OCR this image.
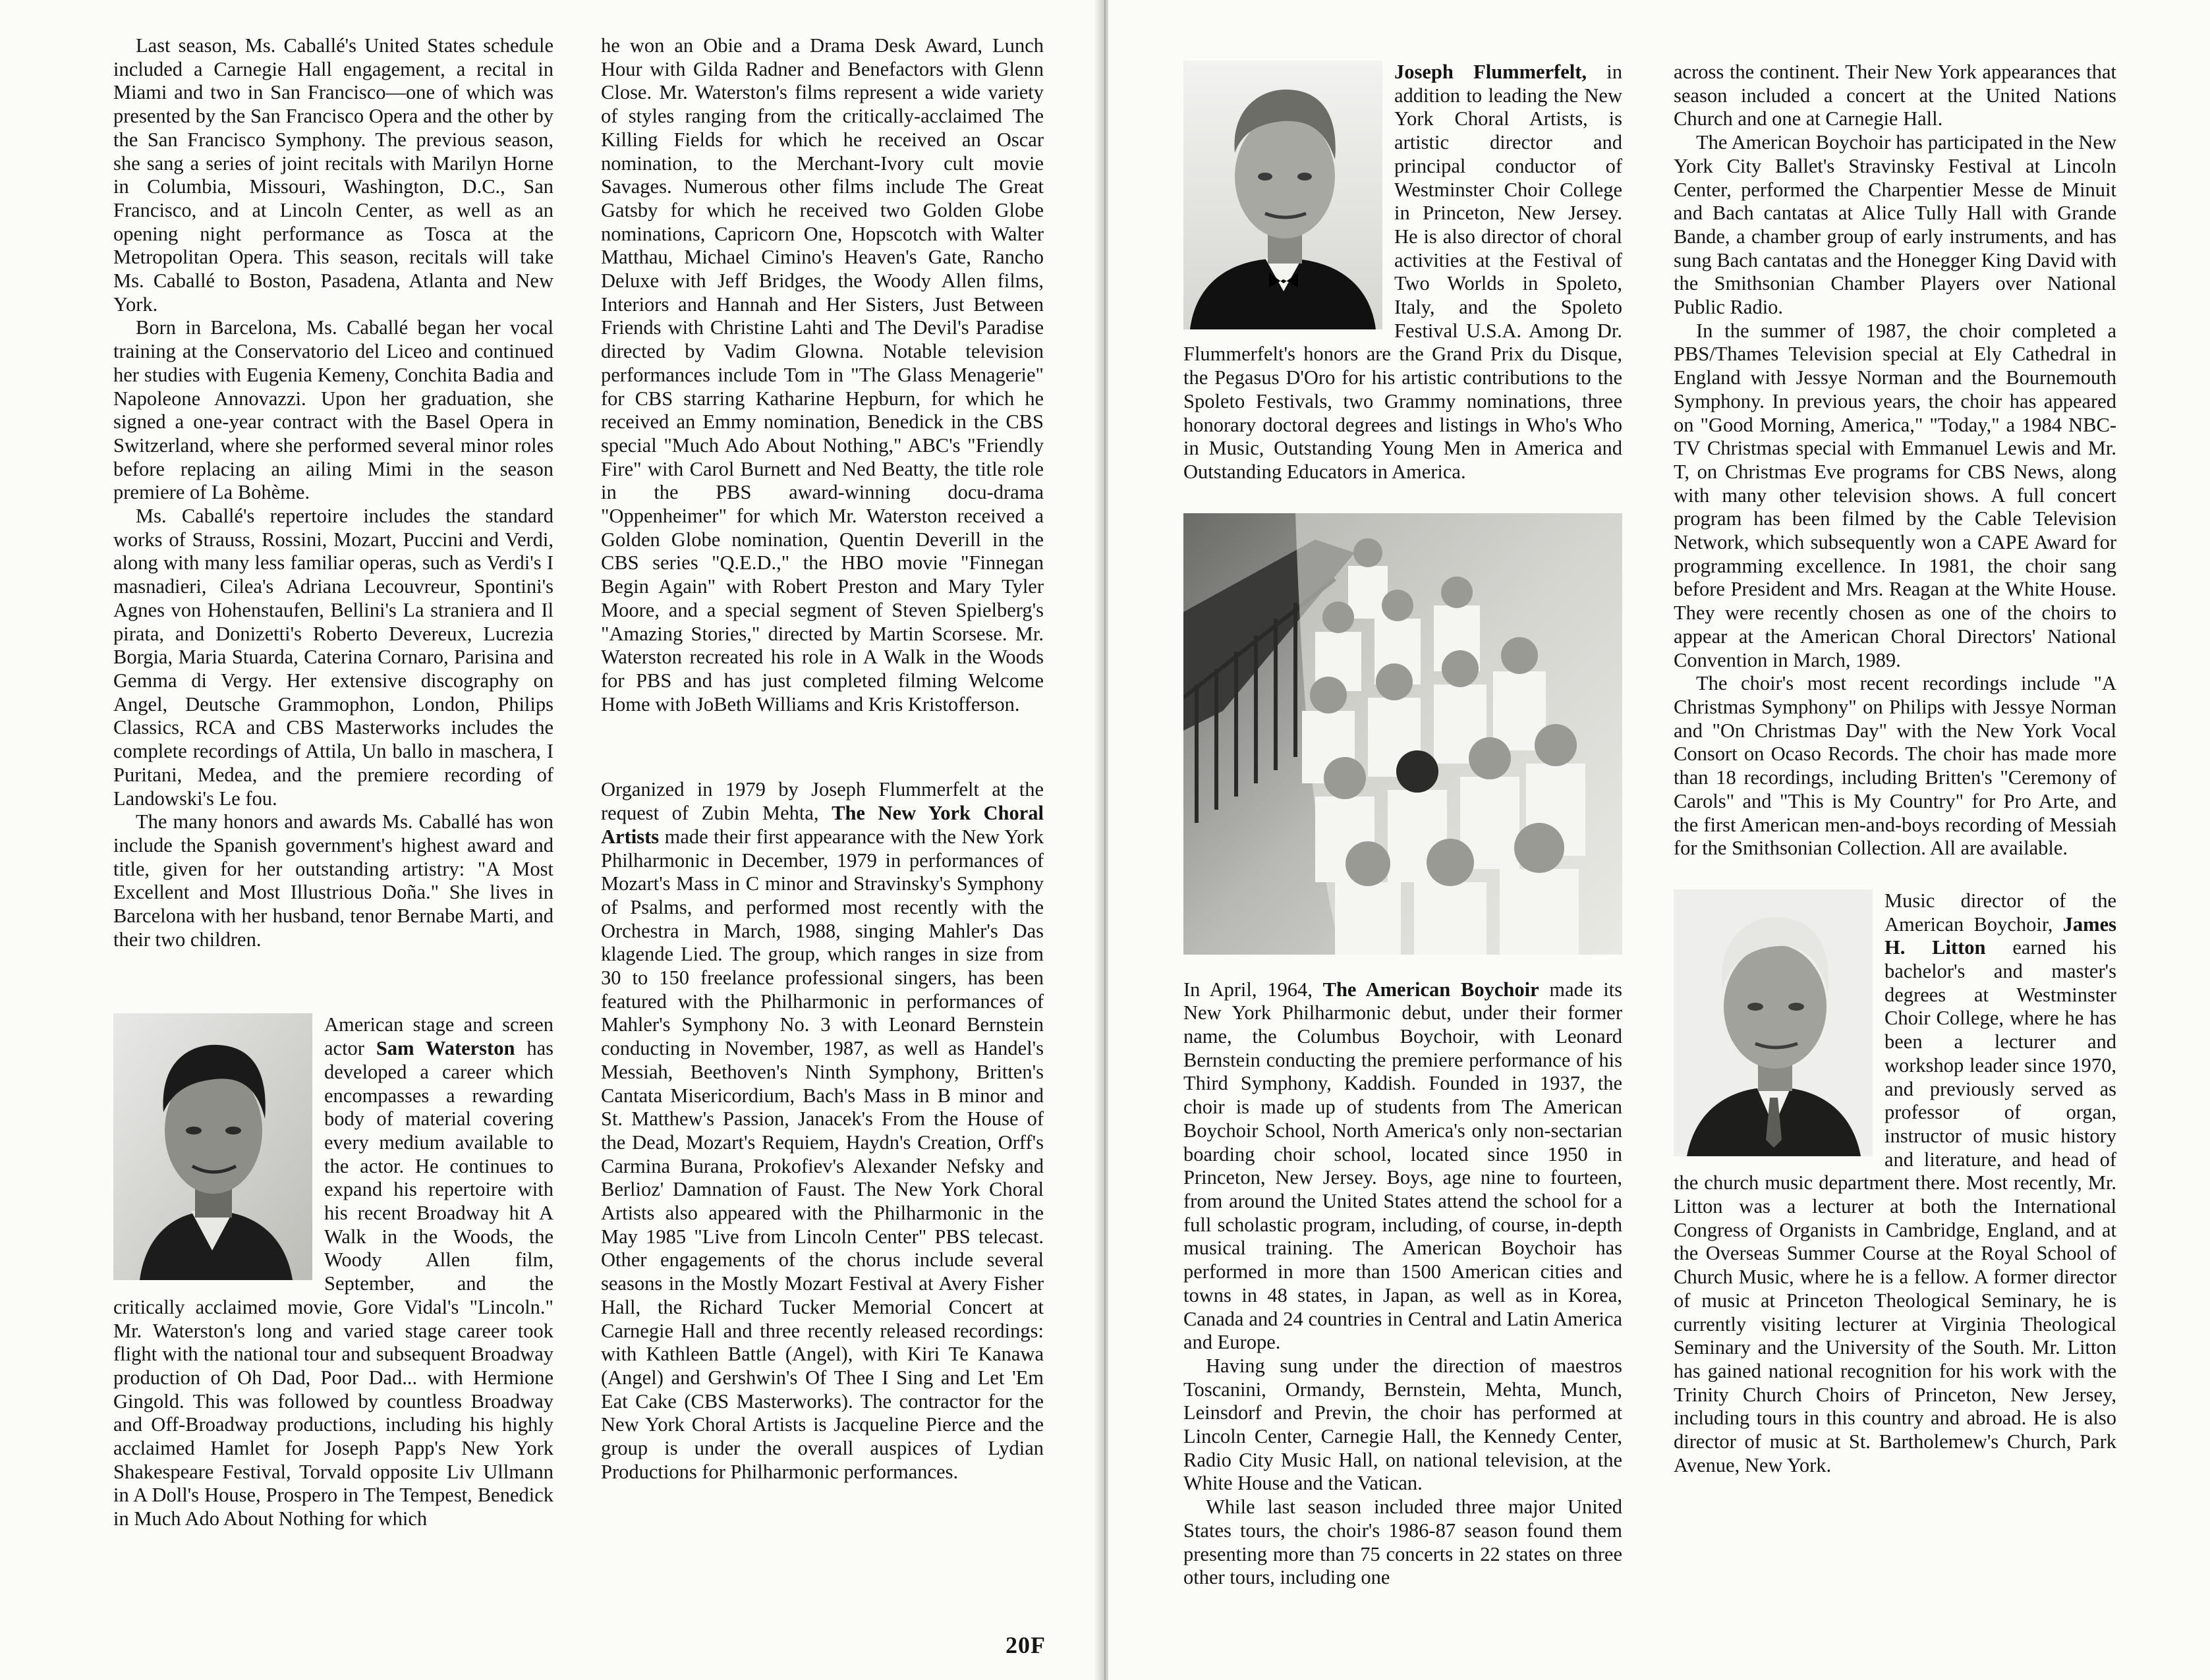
Last season, Ms. Caballé's United States schedule included a Carnegie Hall engagement, a recital in Miami and two in San Francisco—one of which was presented by the San Francisco Opera and the other by the San Francisco Symphony. The previous season, she sang a series of joint recitals with Marilyn Horne in Columbia, Missouri, Washington, D.C., San Francisco, and at Lincoln Center, as well as an opening night performance as Tosca at the Metropolitan Opera. This season, recitals will take Ms. Caballé to Boston, Pasadena, Atlanta and New York.

Born in Barcelona, Ms. Caballé began her vocal training at the Conservatorio del Liceo and continued her studies with Eugenia Kemeny, Conchita Badia and Napoleone Annovazzi. Upon her graduation, she signed a one-year contract with the Basel Opera in Switzerland, where she performed several minor roles before replacing an ailing Mimi in the season premiere of La Bohème.

Ms. Caballé's repertoire includes the standard works of Strauss, Rossini, Mozart, Puccini and Verdi, along with many less familiar operas, such as Verdi's I masnadieri, Cilea's Adriana Lecouvreur, Spontini's Agnes von Hohenstaufen, Bellini's La straniera and Il pirata, and Donizetti's Roberto Devereux, Lucrezia Borgia, Maria Stuarda, Caterina Cornaro, Parisina and Gemma di Vergy. Her extensive discography on Angel, Deutsche Grammophon, London, Philips Classics, RCA and CBS Masterworks includes the complete recordings of Attila, Un ballo in maschera, I Puritani, Medea, and the premiere recording of Landowski's Le fou.

The many honors and awards Ms. Caballé has won include the Spanish government's highest award and title, given for her outstanding artistry: "A Most Excellent and Most Illustrious Doña." She lives in Barcelona with her husband, tenor Bernabe Marti, and their two children.

American stage and screen actor Sam Waterston has developed a career which encompasses a rewarding body of material covering every medium available to the actor. He continues to expand his repertoire with his recent Broadway hit A Walk in the Woods, the Woody Allen film, September, and the critically acclaimed movie, Gore Vidal's "Lincoln." Mr. Waterston's long and varied stage career took flight with the national tour and subsequent Broadway production of Oh Dad, Poor Dad... with Hermione Gingold. This was followed by countless Broadway and Off-Broadway productions, including his highly acclaimed Hamlet for Joseph Papp's New York Shakespeare Festival, Torvald opposite Liv Ullmann in A Doll's House, Prospero in The Tempest, Benedick in Much Ado About Nothing for which

he won an Obie and a Drama Desk Award, Lunch Hour with Gilda Radner and Benefactors with Glenn Close. Mr. Waterston's films represent a wide variety of styles ranging from the critically-acclaimed The Killing Fields for which he received an Oscar nomination, to the Merchant-Ivory cult movie Savages. Numerous other films include The Great Gatsby for which he received two Golden Globe nominations, Capricorn One, Hopscotch with Walter Matthau, Michael Cimino's Heaven's Gate, Rancho Deluxe with Jeff Bridges, the Woody Allen films, Interiors and Hannah and Her Sisters, Just Between Friends with Christine Lahti and The Devil's Paradise directed by Vadim Glowna. Notable television performances include Tom in "The Glass Menagerie" for CBS starring Katharine Hepburn, for which he received an Emmy nomination, Benedick in the CBS special "Much Ado About Nothing," ABC's "Friendly Fire" with Carol Burnett and Ned Beatty, the title role in the PBS award-winning docu-drama "Oppenheimer" for which Mr. Waterston received a Golden Globe nomination, Quentin Deverill in the CBS series "Q.E.D.," the HBO movie "Finnegan Begin Again" with Robert Preston and Mary Tyler Moore, and a special segment of Steven Spielberg's "Amazing Stories," directed by Martin Scorsese. Mr. Waterston recreated his role in A Walk in the Woods for PBS and has just completed filming Welcome Home with JoBeth Williams and Kris Kristofferson.

Organized in 1979 by Joseph Flummerfelt at the request of Zubin Mehta, The New York Choral Artists made their first appearance with the New York Philharmonic in December, 1979 in performances of Mozart's Mass in C minor and Stravinsky's Symphony of Psalms, and performed most recently with the Orchestra in March, 1988, singing Mahler's Das klagende Lied. The group, which ranges in size from 30 to 150 freelance professional singers, has been featured with the Philharmonic in performances of Mahler's Symphony No. 3 with Leonard Bernstein conducting in November, 1987, as well as Handel's Messiah, Beethoven's Ninth Symphony, Britten's Cantata Misericordium, Bach's Mass in B minor and St. Matthew's Passion, Janacek's From the House of the Dead, Mozart's Requiem, Haydn's Creation, Orff's Carmina Burana, Prokofiev's Alexander Nefsky and Berlioz' Damnation of Faust. The New York Choral Artists also appeared with the Philharmonic in the May 1985 "Live from Lincoln Center" PBS telecast. Other engagements of the chorus include several seasons in the Mostly Mozart Festival at Avery Fisher Hall, the Richard Tucker Memorial Concert at Carnegie Hall and three recently released recordings: with Kathleen Battle (Angel), with Kiri Te Kanawa (Angel) and Gershwin's Of Thee I Sing and Let 'Em Eat Cake (CBS Masterworks). The contractor for the New York Choral Artists is Jacqueline Pierce and the group is under the overall auspices of Lydian Productions for Philharmonic performances.

20F

Joseph Flummerfelt, in addition to leading the New York Choral Artists, is artistic director and principal conductor of Westminster Choir College in Princeton, New Jersey. He is also director of choral activities at the Festival of Two Worlds in Spoleto, Italy, and the Spoleto Festival U.S.A. Among Dr. Flummerfelt's honors are the Grand Prix du Disque, the Pegasus D'Oro for his artistic contributions to the Spoleto Festivals, two Grammy nominations, three honorary doctoral degrees and listings in Who's Who in Music, Outstanding Young Men in America and Outstanding Educators in America.

In April, 1964, The American Boychoir made its New York Philharmonic debut, under their former name, the Columbus Boychoir, with Leonard Bernstein conducting the premiere performance of his Third Symphony, Kaddish. Founded in 1937, the choir is made up of students from The American Boychoir School, North America's only non-sectarian boarding choir school, located since 1950 in Princeton, New Jersey. Boys, age nine to fourteen, from around the United States attend the school for a full scholastic program, including, of course, in-depth musical training. The American Boychoir has performed in more than 1500 American cities and towns in 48 states, in Japan, as well as in Korea, Canada and 24 countries in Central and Latin America and Europe.

Having sung under the direction of maestros Toscanini, Ormandy, Bernstein, Mehta, Munch, Leinsdorf and Previn, the choir has performed at Lincoln Center, Carnegie Hall, the Kennedy Center, Radio City Music Hall, on national television, at the White House and the Vatican.

While last season included three major United States tours, the choir's 1986-87 season found them presenting more than 75 concerts in 22 states on three other tours, including one

across the continent. Their New York appearances that season included a concert at the United Nations Church and one at Carnegie Hall.

The American Boychoir has participated in the New York City Ballet's Stravinsky Festival at Lincoln Center, performed the Charpentier Messe de Minuit and Bach cantatas at Alice Tully Hall with Grande Bande, a chamber group of early instruments, and has sung Bach cantatas and the Honegger King David with the Smithsonian Chamber Players over National Public Radio.

In the summer of 1987, the choir completed a PBS/Thames Television special at Ely Cathedral in England with Jessye Norman and the Bournemouth Symphony. In previous years, the choir has appeared on "Good Morning, America," "Today," a 1984 NBC-TV Christmas special with Emmanuel Lewis and Mr. T, on Christmas Eve programs for CBS News, along with many other television shows. A full concert program has been filmed by the Cable Television Network, which subsequently won a CAPE Award for programming excellence. In 1981, the choir sang before President and Mrs. Reagan at the White House. They were recently chosen as one of the choirs to appear at the American Choral Directors' National Convention in March, 1989.

The choir's most recent recordings include "A Christmas Symphony" on Philips with Jessye Norman and "On Christmas Day" with the New York Vocal Consort on Ocaso Records. The choir has made more than 18 recordings, including Britten's "Ceremony of Carols" and "This is My Country" for Pro Arte, and the first American men-and-boys recording of Messiah for the Smithsonian Collection. All are available.

Music director of the American Boychoir, James H. Litton earned his bachelor's and master's degrees at Westminster Choir College, where he has been a lecturer and workshop leader since 1970, and previously served as professor of organ, instructor of music history and literature, and head of the church music department there. Most recently, Mr. Litton was a lecturer at both the International Congress of Organists in Cambridge, England, and at the Overseas Summer Course at the Royal School of Church Music, where he is a fellow. A former director of music at Princeton Theological Seminary, he is currently visiting lecturer at Virginia Theological Seminary and the University of the South. Mr. Litton has gained national recognition for his work with the Trinity Church Choirs of Princeton, New Jersey, including tours in this country and abroad. He is also director of music at St. Bartholemew's Church, Park Avenue, New York.
